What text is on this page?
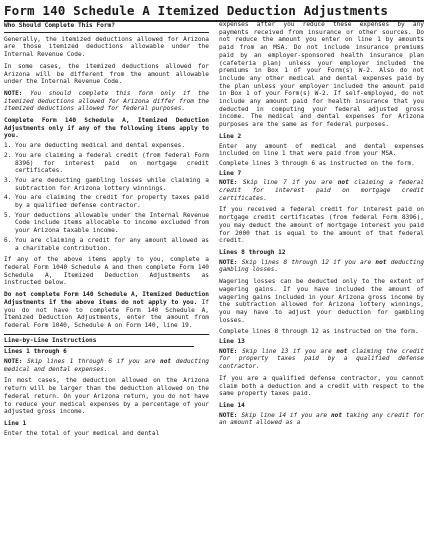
Form 140 Schedule A Itemized Deduction Adjustments
Who Should Complete This Form?

Generally, the itemized deductions allowed for Arizona are those itemized deductions allowable under the Internal Revenue Code.

In some cases, the itemized deductions allowed for Arizona will be different from the amount allowable under the Internal Revenue Code.

NOTE: You should complete this form only if the itemized deductions allowed for Arizona differ from the itemized deductions allowed for federal purposes.

Complete Form 140 Schedule A, Itemized Deduction Adjustments only if any of the following items apply to you.

1. You are deducting medical and dental expenses.
2. You are claiming a federal credit (from federal Form 8396) for interest paid on mortgage credit certificates.
3. You are deducting gambling losses while claiming a subtraction for Arizona lottery winnings.
4. You are claiming the credit for property taxes paid by a qualified defense contractor.
5. Your deductions allowable under the Internal Revenue Code include items allocable to income excluded from your Arizona taxable income.
6. You are claiming a credit for any amount allowed as a charitable contribution.

If any of the above items apply to you, complete a federal Form 1040 Schedule A and then complete Form 140 Schedule A, Itemized Deduction Adjustments as instructed below.

Do not complete Form 140 Schedule A, Itemized Deduction Adjustments if the above items do not apply to you. If you do not have to complete Form 140 Schedule A, Itemized Deduction Adjustments, enter the amount from federal Form 1040, Schedule A on Form 140, line 19.

Line-by-Line Instructions
Lines 1 through 6

NOTE: Skip lines 1 through 6 if you are not deducting medical and dental expenses.

In most cases, the deduction allowed on the Arizona return will be larger than the deduction allowed on the federal return. On your Arizona return, you do not have to reduce your medical expenses by a percentage of your adjusted gross income.

Line 1

Enter the total of your medical and dental

expenses after you reduce these expenses by any payments received from insurance or other sources. Do not reduce the amount you enter on line 1 by amounts paid from an MSA. Do not include insurance premiums paid by an employer-sponsored health insurance plan (cafeteria plan) unless your employer included the premiums in Box 1 of your Form(s) W-2. Also do not include any other medical and dental expenses paid by the plan unless your employer included the amount paid in Box 1 of your Form(s) W-2. If self-employed, do not include any amount paid for health insurance that you deducted in computing your federal adjusted gross income. The medical and dental expenses for Arizona purposes are the same as for federal purposes.

Line 2

Enter any amount of medical and dental expenses included on line 1 that were paid from your MSA.

Complete lines 3 through 6 as instructed on the form.

Line 7

NOTE: Skip line 7 if you are not claiming a federal credit for interest paid on mortgage credit certificates.

If you received a federal credit for interest paid on mortgage credit certificates (from federal Form 8396), you may deduct the amount of mortgage interest you paid for 2000 that is equal to the amount of that federal credit.

Lines 8 through 12

NOTE: Skip lines 8 through 12 if you are not deducting gambling losses.

Wagering losses can be deducted only to the extent of wagering gains. If you have included the amount of wagering gains included in your Arizona gross income by the subtraction allowed for Arizona lottery winnings, you may have to adjust your deduction for gambling losses.

Complete lines 8 through 12 as instructed on the form.

Line 13

NOTE: Skip line 13 if you are not claiming the credit for property taxes paid by a qualified defense contractor.

If you are a qualified defense contractor, you cannot claim both a deduction and a credit with respect to the same property taxes paid.

Line 14

NOTE: Skip line 14 if you are not taking any credit for an amount allowed as a
